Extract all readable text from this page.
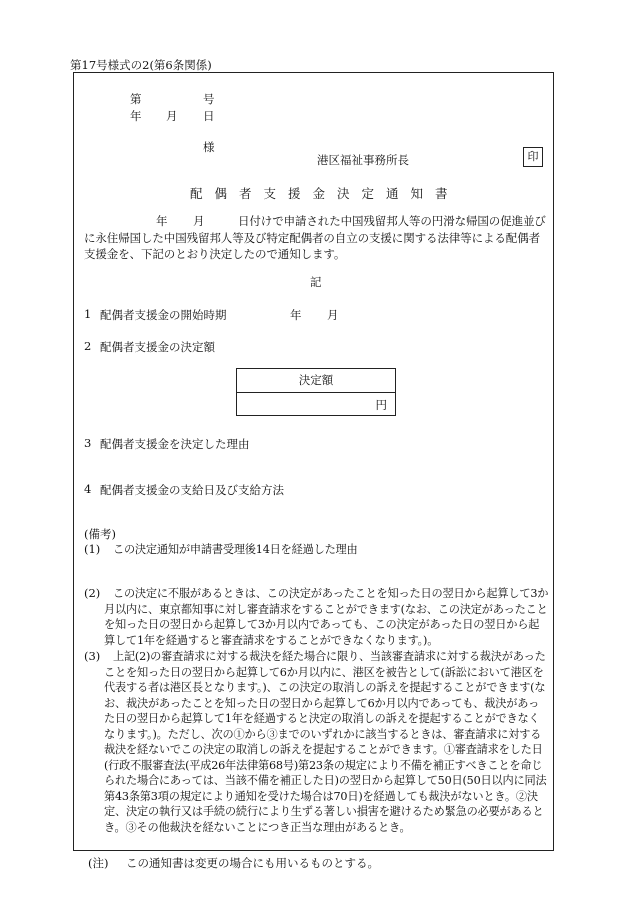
第17号様式の2(第6条関係)
第	号
年 月 日
様
港区福祉事務所長	印
配偶者支援金決定通知書
年 月	日付けで申請された中国残留邦人等の円滑な帰国の促進並びに永住帰国した中国残留邦人等及び特定配偶者の自立の支援に関する法律等による配偶者支援金を、下記のとおり決定したので通知します。
記
1 配偶者支援金の開始時期	年 月
2 配偶者支援金の決定額
決定額
円
3 配偶者支援金を決定した理由
4 配偶者支援金の支給日及び支給方法
(備考)
(1)	この決定通知が申請書受理後14日を経過した理由
(2)	この決定に不服があるときは、この決定があったことを知った日の翌日から起算して3か月以内に、東京都知事に対し審査請求をすることができます(なお、この決定があったことを知った日の翌日から起算して3か月以内であっても、この決定があった日の翌日から起算して1年を経過すると審査請求をすることができなくなります。)。
(3)	上記(2)の審査請求に対する裁決を経た場合に限り、当該審査請求に対する裁決があったことを知った日の翌日から起算して6か月以内に、港区を被告として(訴訟において港区を代表する者は港区長となります。)、この決定の取消しの訴えを提起することができます(なお、裁決があったことを知った日の翌日から起算して6か月以内であっても、裁決があった日の翌日から起算して1年を経過すると決定の取消しの訴えを提起することができなくなります。)。ただし、次の①から③までのいずれかに該当するときは、審査請求に対する裁決を経ないでこの決定の取消しの訴えを提起することができます。①審査請求をした日(行政不服審査法(平成26年法律第68号)第23条の規定により不備を補正すべきことを命じられた場合にあっては、当該不備を補正した日)の翌日から起算して50日(50日以内に同法第43条第3項の規定により通知を受けた場合は70日)を経過しても裁決がないとき。②決定、決定の執行又は手続の続行により生ずる著しい損害を避けるため緊急の必要があるとき。③その他裁決を経ないことにつき正当な理由があるとき。
(注) この通知書は変更の場合にも用いるものとする。
